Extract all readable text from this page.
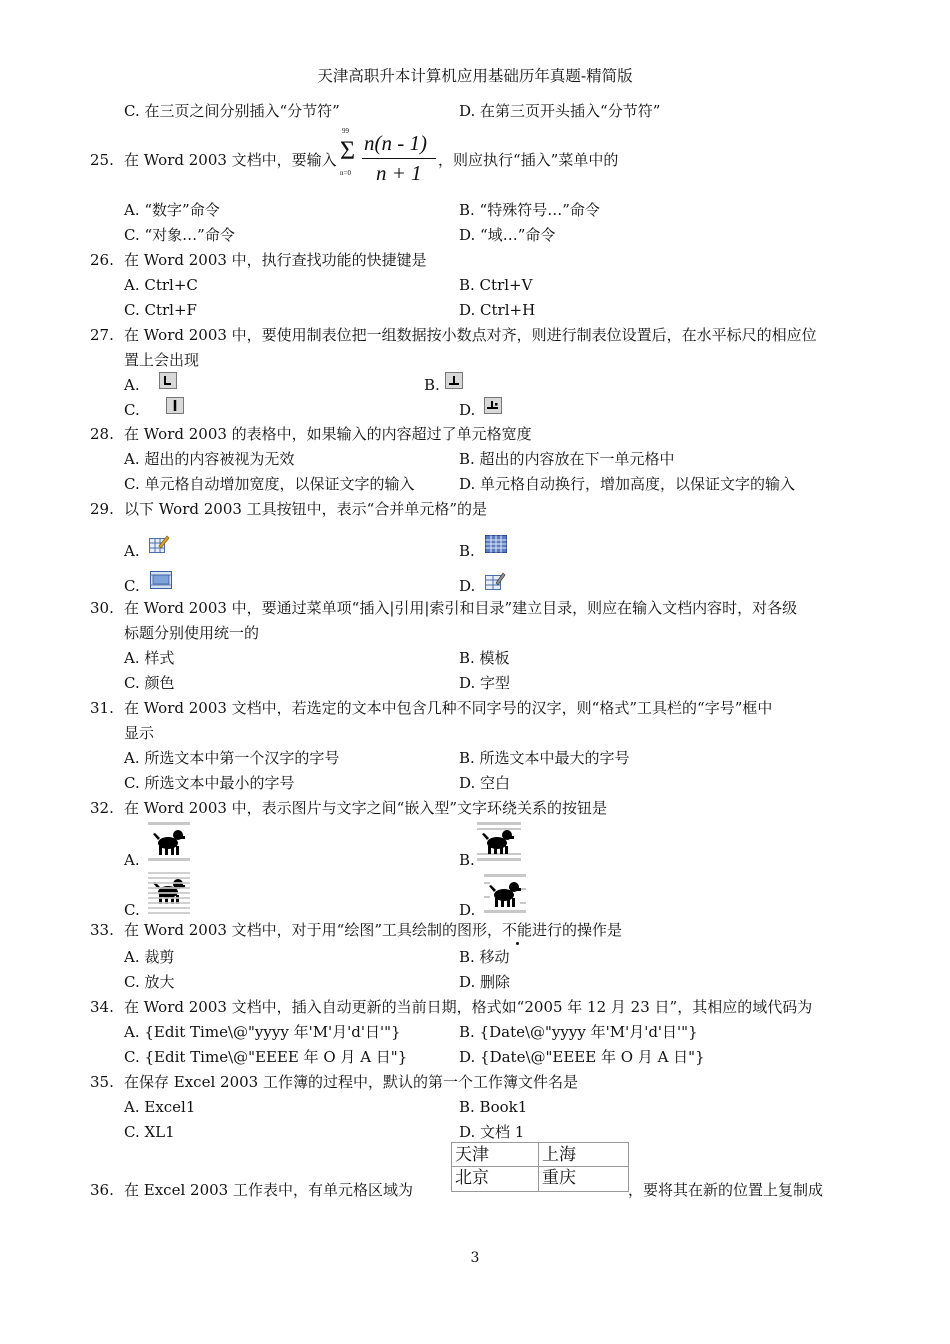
天津高职升本计算机应用基础历年真题-精简版
C. 在三页之间分别插入“分节符”	D. 在第三页开头插入“分节符”
25. 在 Word 2003 文档中，要输入
99
Σ
n=0
n(n - 1)
n + 1
，则应执行“插入”菜单中的
A. “数字”命令	B. “特殊符号…”命令
C. “对象…”命令	D. “域…”命令
26. 在 Word 2003 中，执行查找功能的快捷键是
A. Ctrl+C	B. Ctrl+V
C. Ctrl+F	D. Ctrl+H
27. 在 Word 2003 中，要使用制表位把一组数据按小数点对齐，则进行制表位设置后，在水平标尺的相应位
置上会出现
A.	B.
C.	D.
28. 在 Word 2003 的表格中，如果输入的内容超过了单元格宽度
A. 超出的内容被视为无效	B. 超出的内容放在下一单元格中
C. 单元格自动增加宽度，以保证文字的输入	D. 单元格自动换行，增加高度，以保证文字的输入
29. 以下 Word 2003 工具按钮中，表示“合并单元格”的是
A.	B.
C.	D.
30. 在 Word 2003 中，要通过菜单项“插入|引用|索引和目录”建立目录，则应在输入文档内容时，对各级
标题分别使用统一的
A. 样式	B. 模板
C. 颜色	D. 字型
31. 在 Word 2003 文档中，若选定的文本中包含几种不同字号的汉字，则“格式”工具栏的“字号”框中
显示
A. 所选文本中第一个汉字的字号	B. 所选文本中最大的字号
C. 所选文本中最小的字号	D. 空白
32. 在 Word 2003 中，表示图片与文字之间“嵌入型”文字环绕关系的按钮是
A.	B.
C.	D.
33. 在 Word 2003 文档中，对于用“绘图”工具绘制的图形，不能进行的操作是
A. 裁剪	B. 移动
C. 放大	D. 删除
34. 在 Word 2003 文档中，插入自动更新的当前日期，格式如“2005 年 12 月 23 日”，其相应的域代码为
A. {Edit Time\@"yyyy 年'M'月'd'日'"}	B. {Date\@"yyyy 年'M'月'd'日'"}
C. {Edit Time\@"EEEE 年 O 月 A 日"}	D. {Date\@"EEEE 年 O 月 A 日"}
35. 在保存 Excel 2003 工作簿的过程中，默认的第一个工作簿文件名是
A. Excel1	B. Book1
C. XL1	D. 文档 1
36. 在 Excel 2003 工作表中，有单元格区域为
天津	上海
北京	重庆
，要将其在新的位置上复制成
3
